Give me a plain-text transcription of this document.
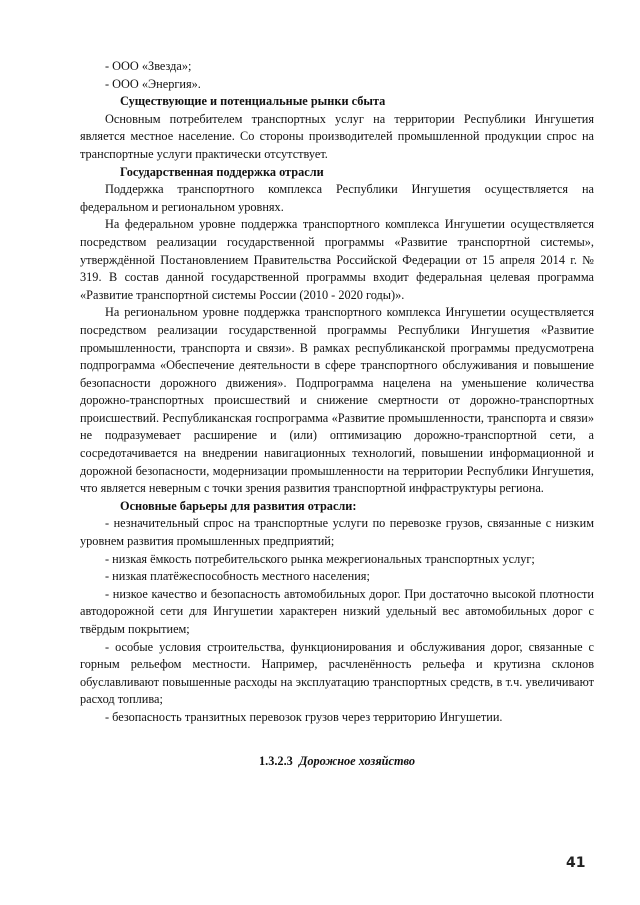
- ООО «Звезда»;

- ООО «Энергия».

Существующие и потенциальные рынки сбыта

Основным потребителем транспортных услуг на территории Республики Ингушетия является местное население. Со стороны производителей промышленной продукции спрос на транспортные услуги практически отсутствует.

Государственная поддержка отрасли

Поддержка транспортного комплекса Республики Ингушетия осуществляется на федеральном и региональном уровнях.

На федеральном уровне поддержка транспортного комплекса Ингушетии осуществляется посредством реализации государственной программы «Развитие транспортной системы», утверждённой Постановлением Правительства Российской Федерации от 15 апреля 2014 г. № 319. В состав данной государственной программы входит федеральная целевая программа «Развитие транспортной системы России (2010 - 2020 годы)».

На региональном уровне поддержка транспортного комплекса Ингушетии осуществляется посредством реализации государственной программы Республики Ингушетия «Развитие промышленности, транспорта и связи». В рамках республиканской программы предусмотрена подпрограмма «Обеспечение деятельности в сфере транспортного обслуживания и повышение безопасности дорожного движения». Подпрограмма нацелена на уменьшение количества дорожно-транспортных происшествий и снижение смертности от дорожно-транспортных происшествий. Республиканская госпрограмма «Развитие промышленности, транспорта и связи» не подразумевает расширение и (или) оптимизацию дорожно-транспортной сети, а сосредотачивается на внедрении навигационных технологий, повышении информационной и дорожной безопасности, модернизации промышленности на территории Республики Ингушетия, что является неверным с точки зрения развития транспортной инфраструктуры региона.

Основные барьеры для развития отрасли:

- незначительный спрос на транспортные услуги по перевозке грузов, связанные с низким уровнем развития промышленных предприятий;

- низкая ёмкость потребительского рынка межрегиональных транспортных услуг;

- низкая платёжеспособность местного населения;

- низкое качество и безопасность автомобильных дорог. При достаточно высокой плотности автодорожной сети для Ингушетии характерен низкий удельный вес автомобильных дорог с твёрдым покрытием;

- особые условия строительства, функционирования и обслуживания дорог, связанные с горным рельефом местности. Например, расчленённость рельефа и крутизна склонов обуславливают повышенные расходы на эксплуатацию транспортных средств, в т.ч. увеличивают расход топлива;

- безопасность транзитных перевозок грузов через территорию Ингушетии.

1.3.2.3 Дорожное хозяйство

41
